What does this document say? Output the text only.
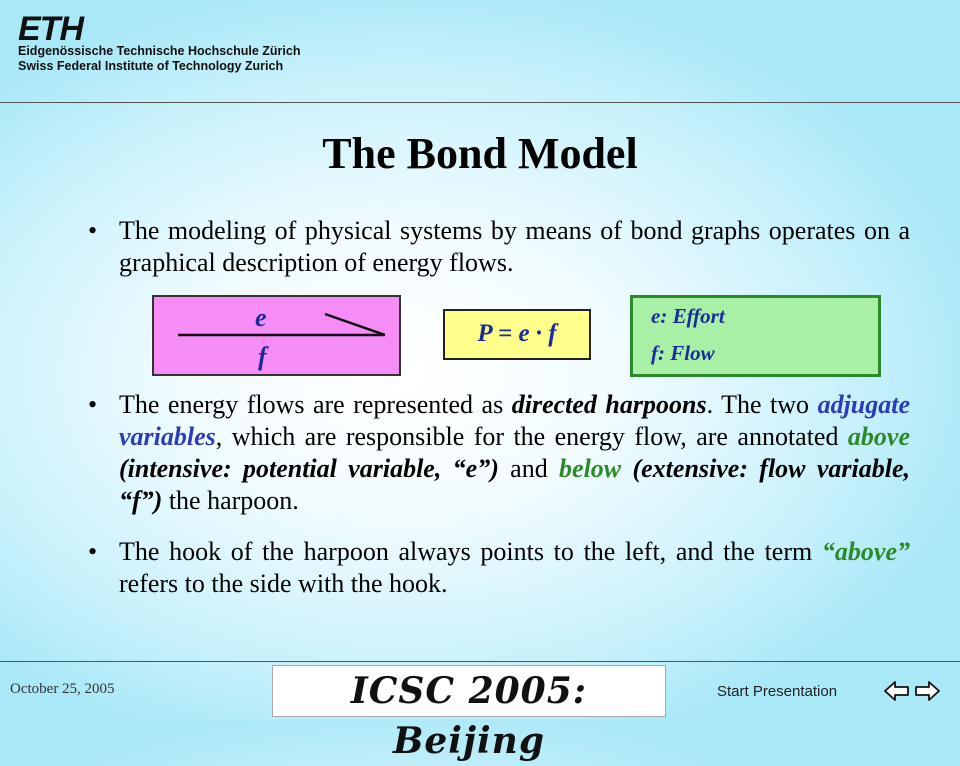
ETH
Eidgenössische Technische Hochschule Zürich
Swiss Federal Institute of Technology Zurich
The Bond Model
• The modeling of physical systems by means of bond graphs operates on a graphical description of energy flows.
e
f
P = e · f
e: Effort
f: Flow
• The energy flows are represented as directed harpoons. The two adjugate variables, which are responsible for the energy flow, are annotated above (intensive: potential variable, “e”) and below (extensive: flow variable, “f”) the harpoon.
• The hook of the harpoon always points to the left, and the term “above” refers to the side with the hook.
October 25, 2005	ICSC 2005: Beijing
Start Presentation
